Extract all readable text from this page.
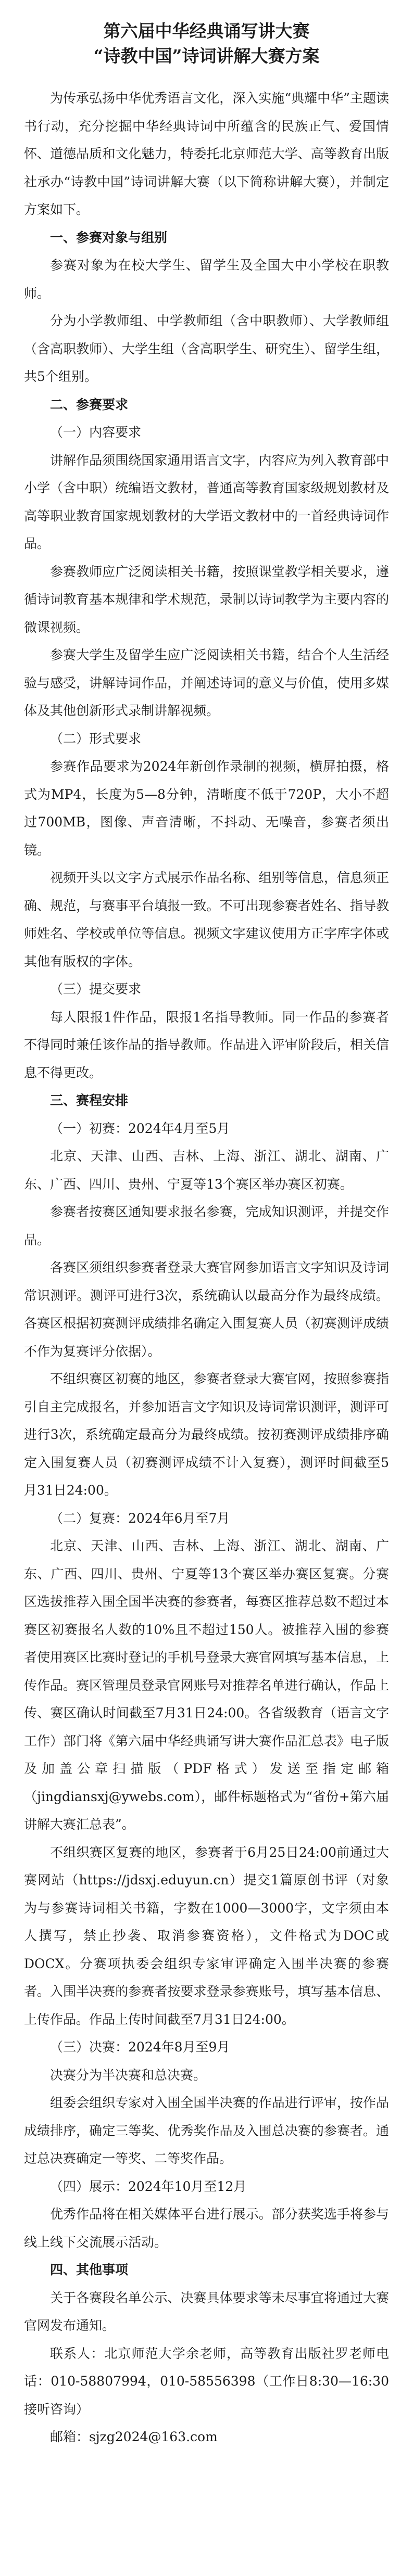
第六届中华经典诵写讲大赛
“诗教中国”诗词讲解大赛方案

为传承弘扬中华优秀语言文化，深入实施“典耀中华”主题读书行动，充分挖掘中华经典诗词中所蕴含的民族正气、爱国情怀、道德品质和文化魅力，特委托北京师范大学、高等教育出版社承办“诗教中国”诗词讲解大赛（以下简称讲解大赛），并制定方案如下。

一、参赛对象与组别

参赛对象为在校大学生、留学生及全国大中小学校在职教师。

分为小学教师组、中学教师组（含中职教师）、大学教师组（含高职教师）、大学生组（含高职学生、研究生）、留学生组，共5个组别。

二、参赛要求

（一）内容要求

讲解作品须围绕国家通用语言文字，内容应为列入教育部中小学（含中职）统编语文教材，普通高等教育国家级规划教材及高等职业教育国家规划教材的大学语文教材中的一首经典诗词作品。

参赛教师应广泛阅读相关书籍，按照课堂教学相关要求，遵循诗词教育基本规律和学术规范，录制以诗词教学为主要内容的微课视频。

参赛大学生及留学生应广泛阅读相关书籍，结合个人生活经验与感受，讲解诗词作品，并阐述诗词的意义与价值，使用多媒体及其他创新形式录制讲解视频。

（二）形式要求

参赛作品要求为2024年新创作录制的视频，横屏拍摄，格式为MP4，长度为5—8分钟，清晰度不低于720P，大小不超过700MB，图像、声音清晰，不抖动、无噪音，参赛者须出镜。

视频开头以文字方式展示作品名称、组别等信息，信息须正确、规范，与赛事平台填报一致。不可出现参赛者姓名、指导教师姓名、学校或单位等信息。视频文字建议使用方正字库字体或其他有版权的字体。

（三）提交要求

每人限报1件作品，限报1名指导教师。同一作品的参赛者不得同时兼任该作品的指导教师。作品进入评审阶段后，相关信息不得更改。

三、赛程安排

（一）初赛：2024年4月至5月

北京、天津、山西、吉林、上海、浙江、湖北、湖南、广东、广西、四川、贵州、宁夏等13个赛区举办赛区初赛。

参赛者按赛区通知要求报名参赛，完成知识测评，并提交作品。

各赛区须组织参赛者登录大赛官网参加语言文字知识及诗词常识测评。测评可进行3次，系统确认以最高分作为最终成绩。各赛区根据初赛测评成绩排名确定入围复赛人员（初赛测评成绩不作为复赛评分依据）。

不组织赛区初赛的地区，参赛者登录大赛官网，按照参赛指引自主完成报名，并参加语言文字知识及诗词常识测评，测评可进行3次，系统确定最高分为最终成绩。按初赛测评成绩排序确定入围复赛人员（初赛测评成绩不计入复赛），测评时间截至5月31日24:00。

（二）复赛：2024年6月至7月

北京、天津、山西、吉林、上海、浙江、湖北、湖南、广东、广西、四川、贵州、宁夏等13个赛区举办赛区复赛。分赛区选拔推荐入围全国半决赛的参赛者，每赛区推荐总数不超过本赛区初赛报名人数的10%且不超过150人。被推荐入围的参赛者使用赛区比赛时登记的手机号登录大赛官网填写基本信息，上传作品。赛区管理员登录官网账号对推荐名单进行确认，作品上传、赛区确认时间截至7月31日24:00。各省级教育（语言文字工作）部门将《第六届中华经典诵写讲大赛作品汇总表》电子版及加盖公章扫描版（PDF格式）发送至指定邮箱（jingdiansxj@ywebs.com），邮件标题格式为“省份+第六届讲解大赛汇总表”。

不组织赛区复赛的地区，参赛者于6月25日24:00前通过大赛网站（https://jdsxj.eduyun.cn）提交1篇原创书评（对象为与参赛诗词相关书籍，字数在1000—3000字，文字须由本人撰写，禁止抄袭、取消参赛资格），文件格式为DOC或DOCX。分赛项执委会组织专家审评确定入围半决赛的参赛者。入围半决赛的参赛者按要求登录参赛账号，填写基本信息、上传作品。作品上传时间截至7月31日24:00。

（三）决赛：2024年8月至9月

决赛分为半决赛和总决赛。

组委会组织专家对入围全国半决赛的作品进行评审，按作品成绩排序，确定三等奖、优秀奖作品及入围总决赛的参赛者。通过总决赛确定一等奖、二等奖作品。

（四）展示：2024年10月至12月

优秀作品将在相关媒体平台进行展示。部分获奖选手将参与线上线下交流展示活动。

四、其他事项

关于各赛段名单公示、决赛具体要求等未尽事宜将通过大赛官网发布通知。

联系人：北京师范大学余老师，高等教育出版社罗老师电话：010-58807994，010-58556398（工作日8:30—16:30接听咨询）

邮箱：sjzg2024@163.com
